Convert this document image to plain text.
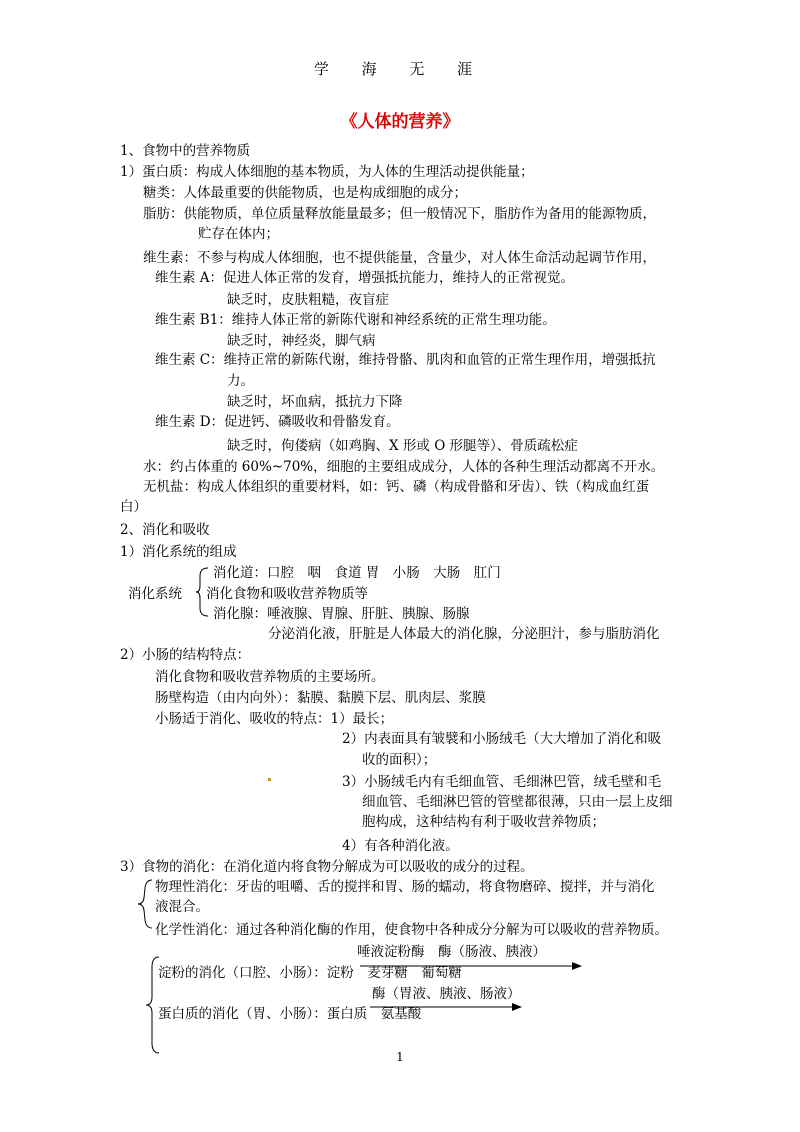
学 海 无 涯
《人体的营养》
1、食物中的营养物质
1）蛋白质：构成人体细胞的基本物质，为人体的生理活动提供能量；
糖类：人体最重要的供能物质，也是构成细胞的成分；
脂肪：供能物质，单位质量释放能量最多；但一般情况下，脂肪作为备用的能源物质，
贮存在体内；
维生素：不参与构成人体细胞，也不提供能量，含量少，对人体生命活动起调节作用，
维生素 A：促进人体正常的发育，增强抵抗能力，维持人的正常视觉。
缺乏时，皮肤粗糙，夜盲症
维生素 B1：维持人体正常的新陈代谢和神经系统的正常生理功能。
缺乏时，神经炎，脚气病
维生素 C：维持正常的新陈代谢，维持骨骼、肌肉和血管的正常生理作用，增强抵抗
力。
缺乏时，坏血病，抵抗力下降
维生素 D：促进钙、磷吸收和骨骼发育。
缺乏时，佝偻病（如鸡胸、X 形或 O 形腿等）、骨质疏松症
水：约占体重的 60%~70%，细胞的主要组成成分，人体的各种生理活动都离不开水。
无机盐：构成人体组织的重要材料，如：钙、磷（构成骨骼和牙齿）、铁（构成血红蛋
白）
2、消化和吸收
1）消化系统的组成
消化道：口腔　咽　食道 胃　小肠　大肠　肛门
消化系统 消化食物和吸收营养物质等
消化腺：唾液腺、胃腺、肝脏、胰腺、肠腺
分泌消化液，肝脏是人体最大的消化腺，分泌胆汁，参与脂肪消化
2）小肠的结构特点：
消化食物和吸收营养物质的主要场所。
肠壁构造（由内向外）：黏膜、黏膜下层、肌肉层、浆膜
小肠适于消化、吸收的特点：1）最长；
2）内表面具有皱襞和小肠绒毛（大大增加了消化和吸
收的面积）；
3）小肠绒毛内有毛细血管、毛细淋巴管，绒毛壁和毛
细血管、毛细淋巴管的管壁都很薄，只由一层上皮细
胞构成，这种结构有利于吸收营养物质；
4）有各种消化液。
3）食物的消化：在消化道内将食物分解成为可以吸收的成分的过程。
物理性消化：牙齿的咀嚼、舌的搅拌和胃、肠的蠕动，将食物磨碎、搅拌，并与消化
液混合。
化学性消化：通过各种消化酶的作用，使食物中各种成分分解为可以吸收的营养物质。
唾液淀粉酶　酶（肠液、胰液）
淀粉的消化（口腔、小肠）：淀粉　麦芽糖　葡萄糖
酶（胃液、胰液、肠液）
蛋白质的消化（胃、小肠）：蛋白质　氨基酸
1
